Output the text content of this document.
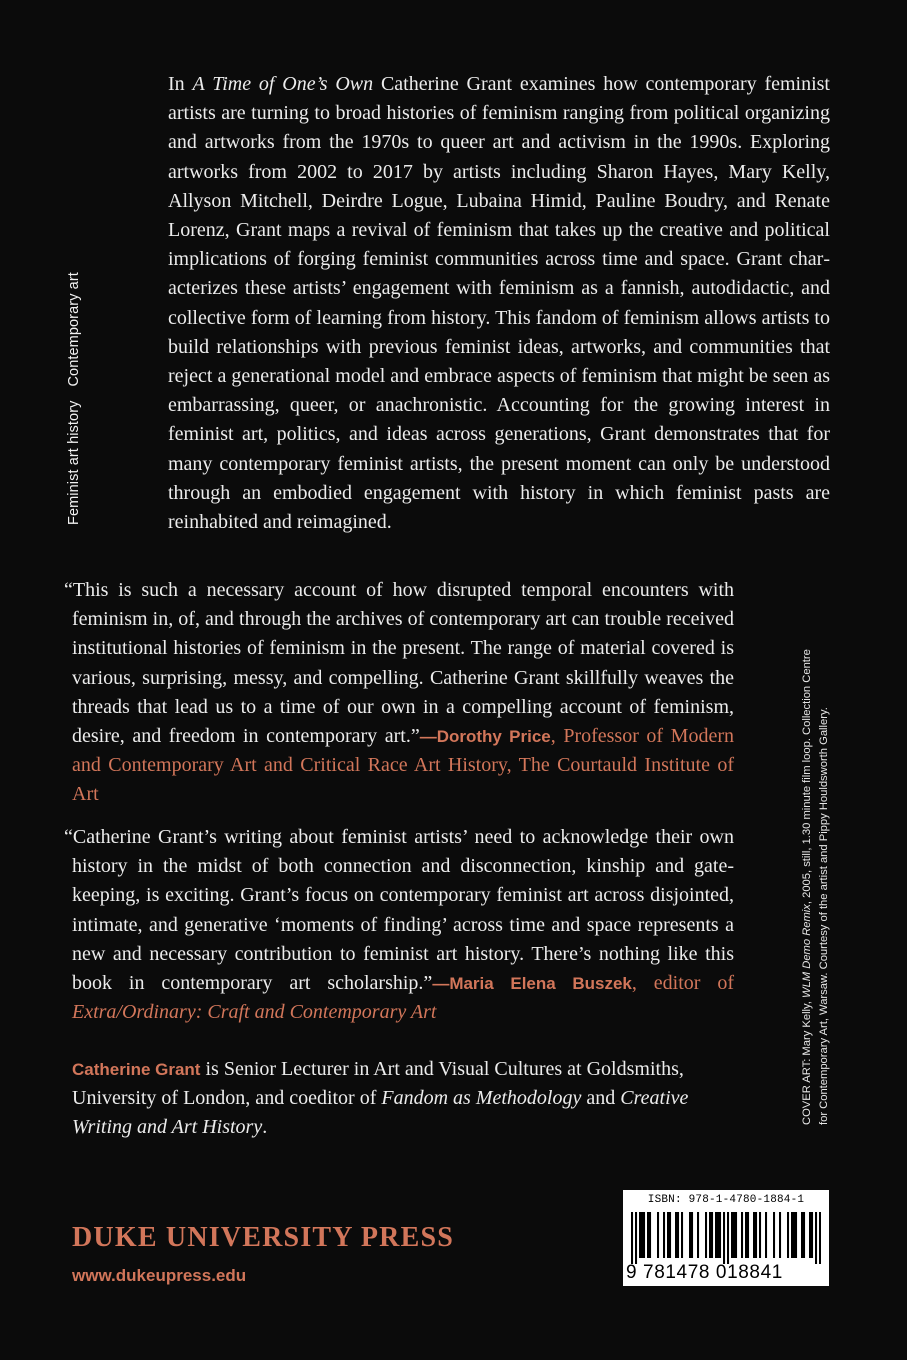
Feminist art historyContemporary art

In A Time of One’s Own Catherine Grant examines how contemporary feminist artists are turning to broad histories of feminism ranging from political organizing and artworks from the 1970s to queer art and activism in the 1990s. Exploring artworks from 2002 to 2017 by artists including Sharon Hayes, Mary Kelly, Allyson Mitchell, Deirdre Logue, Lubaina Himid, Pauline Boudry, and Renate Lorenz, Grant maps a revival of feminism that takes up the creative and political implications of forging feminist communities across time and space. Grant characterizes these artists’ engagement with feminism as a fannish, autodidactic, and collective form of learning from history. This fandom of feminism allows artists to build relationships with previous feminist ideas, artworks, and communities that reject a generational model and embrace aspects of feminism that might be seen as embarrassing, queer, or anachronistic. Accounting for the growing interest in feminist art, politics, and ideas across generations, Grant demonstrates that for many contemporary feminist artists, the present moment can only be understood through an embodied engagement with history in which feminist pasts are reinhabited and reimagined.

“This is such a necessary account of how disrupted temporal encounters with feminism in, of, and through the archives of contemporary art can trouble received institutional histories of feminism in the present. The range of material covered is various, surprising, messy, and compelling. Catherine Grant skillfully weaves the threads that lead us to a time of our own in a compelling account of feminism, desire, and freedom in contemporary art.”—Dorothy Price, Professor of Modern and Contemporary Art and Critical Race Art History, The Courtauld Institute of Art

“Catherine Grant’s writing about feminist artists’ need to acknowledge their own history in the midst of both connection and disconnection, kinship and gatekeeping, is exciting. Grant’s focus on contemporary feminist art across disjointed, intimate, and generative ‘moments of finding’ across time and space represents a new and necessary contribution to feminist art history. There’s nothing like this book in contemporary art scholarship.”—Maria Elena Buszek, editor of Extra/Ordinary: Craft and Contemporary Art

Catherine Grant is Senior Lecturer in Art and Visual Cultures at Goldsmiths, University of London, and coeditor of Fandom as Methodology and Creative Writing and Art History.

COVER ART: Mary Kelly, WLM Demo Remix, 2005, still, 1.30 minute film loop. Collection Centre for Contemporary Art, Warsaw. Courtesy of the artist and Pippy Houldsworth Gallery.
DUKE UNIVERSITY PRESS
www.dukeupress.edu
ISBN: 978-1-4780-1884-1
9 781478 018841
